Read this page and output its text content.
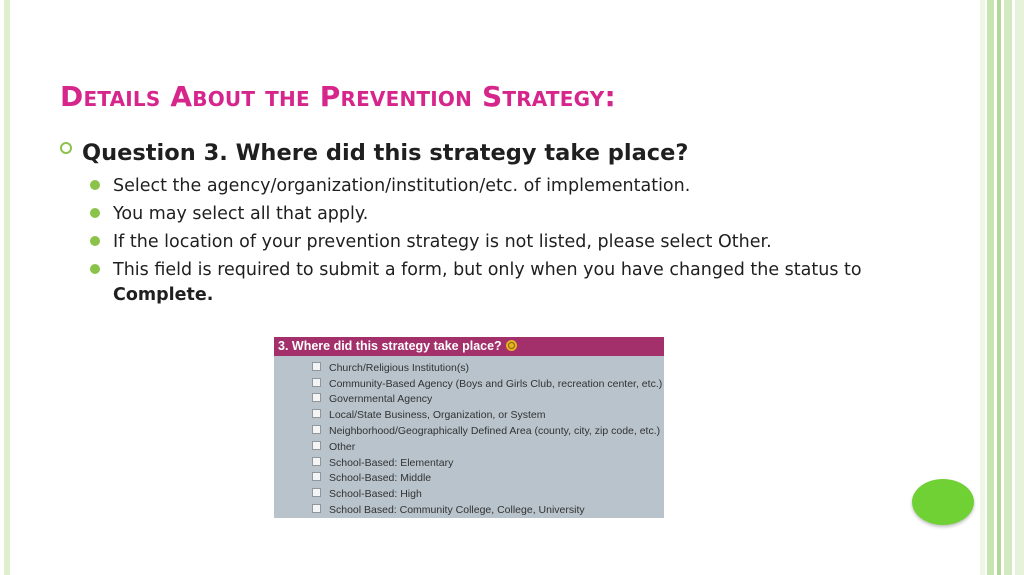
Details About the Prevention Strategy:
Question 3. Where did this strategy take place?
Select the agency/organization/institution/etc. of implementation.
You may select all that apply.
If the location of your prevention strategy is not listed, please select Other.
This field is required to submit a form, but only when you have changed the status to Complete.
3. Where did this strategy take place?
Church/Religious Institution(s)
Community-Based Agency (Boys and Girls Club, recreation center, etc.)
Governmental Agency
Local/State Business, Organization, or System
Neighborhood/Geographically Defined Area (county, city, zip code, etc.)
Other
School-Based: Elementary
School-Based: Middle
School-Based: High
School Based: Community College, College, University
